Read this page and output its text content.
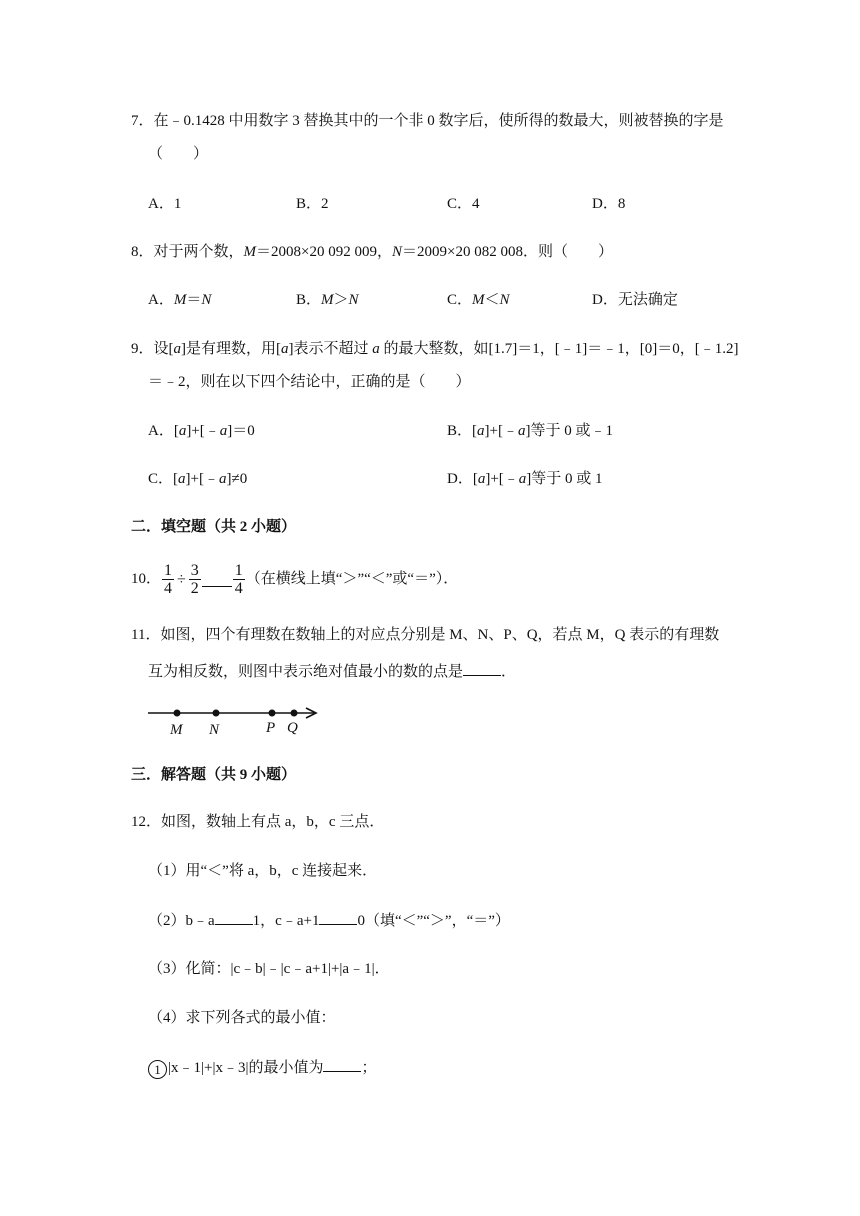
7．在﹣0.1428 中用数字 3 替换其中的一个非 0 数字后，使所得的数最大，则被替换的字是
（　　）
A．1	B．2	C．4	D．8
8．对于两个数，M＝2008×20 092 009，N＝2009×20 082 008．则（　　）
A．M＝N	B．M＞N	C．M＜N	D．无法确定
9．设[a]是有理数，用[a]表示不超过 a 的最大整数，如[1.7]＝1，[﹣1]＝﹣1，[0]＝0，[﹣1.2]
＝﹣2，则在以下四个结论中，正确的是（　　）
A．[a]+[﹣a]＝0	B．[a]+[﹣a]等于 0 或﹣1
C．[a]+[﹣a]≠0	D．[a]+[﹣a]等于 0 或 1
二．填空题（共 2 小题）
10． $\frac{1}{4} \div \frac{3}{2} \frac{1}{4}$ （在横线上填“＞”“＜”或“＝”）．
11．如图，四个有理数在数轴上的对应点分别是 M、N、P、Q，若点 M，Q 表示的有理数
互为相反数，则图中表示绝对值最小的数的点是	．
M N	P Q
三．解答题（共 9 小题）
12．如图，数轴上有点 a，b，c 三点．
（1）用“＜”将 a，b，c 连接起来．
（2）b﹣a	1，c﹣a+1	0（填“＜”“＞”，“＝”）
（3）化简：|c﹣b|﹣|c﹣a+1|+|a﹣1|．
（4）求下列各式的最小值：
1 |x﹣1|+|x﹣3|的最小值为	；
